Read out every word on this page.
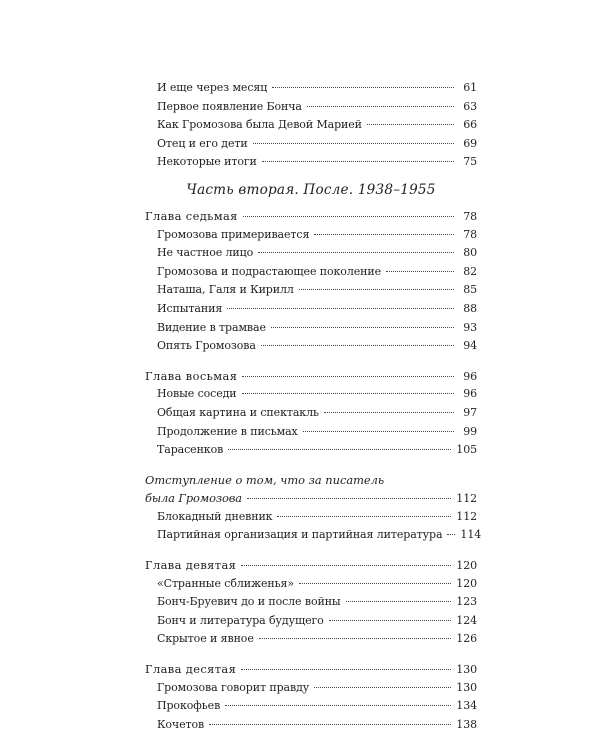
И еще через месяц	61
Первое появление Бонча	63
Как Громозова была Девой Марией	66
Отец и его дети	69
Некоторые итоги	75
Часть вторая. После. 1938–1955
Глава седьмая	78
Громозова примеривается	78
Не частное лицо	80
Громозова и подрастающее поколение	82
Наташа, Галя и Кирилл	85
Испытания	88
Видение в трамвае	93
Опять Громозова	94
Глава восьмая	96
Новые соседи	96
Общая картина и спектакль	97
Продолжение в письмах	99
Тарасенков	105
Отступление о том, что за писатель
была Громозова	112
Блокадный дневник	112
Партийная организация и партийная литература 114
Глава девятая	120
«Странные сближенья»	120
Бонч-Бруевич до и после войны	123
Бонч и литература будущего	124
Скрытое и явное	126
Глава десятая	130
Громозова говорит правду	130
Прокофьев	134
Кочетов	138
